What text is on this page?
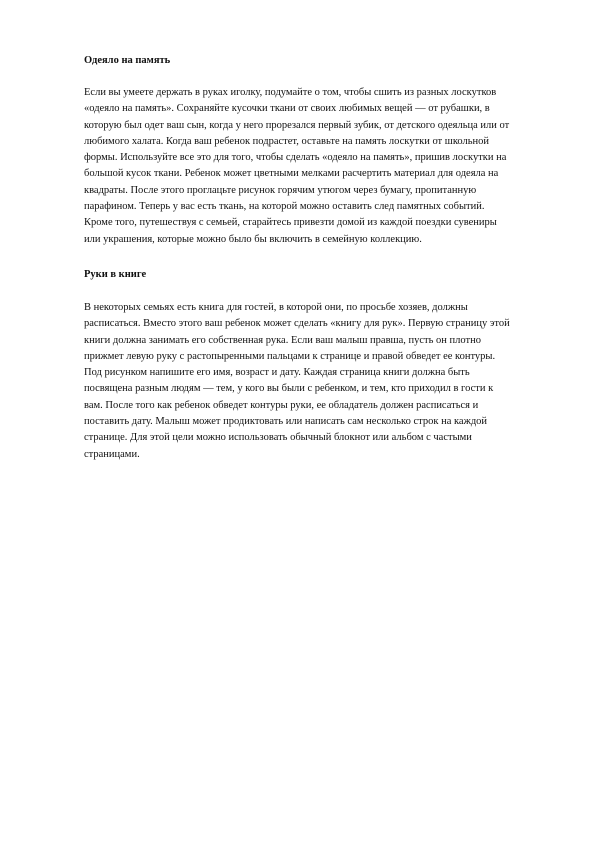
Одеяло на память

Если вы умеете держать в руках иголку, подумайте о том, чтобы сшить из разных лоскутков «одеяло на память». Сохраняйте кусочки ткани от своих любимых вещей — от рубашки, в которую был одет ваш сын, когда у него прорезался первый зубик, от детского одеяльца или от любимого халата. Когда ваш ребенок подрастет, оставьте на память лоскутки от школьной формы. Используйте все это для того, чтобы сделать «одеяло на память», пришив лоскутки на большой кусок ткани. Ребенок может цветными мелками расчертить материал для одеяла на квадраты. После этого проглацьте рисунок горячим утюгом через бумагу, пропитанную парафином. Теперь у вас есть ткань, на которой можно оставить след памятных событий. Кроме того, путешествуя с семьей, старайтесь привезти домой из каждой поездки сувениры или украшения, которые можно было бы включить в семейную коллекцию.

Руки в книге

В некоторых семьях есть книга для гостей, в которой они, по просьбе хозяев, должны расписаться. Вместо этого ваш ребенок может сделать «книгу для рук». Первую страницу этой книги должна занимать его собственная рука. Если ваш малыш правша, пусть он плотно прижмет левую руку с растопыренными пальцами к странице и правой обведет ее контуры. Под рисунком напишите его имя, возраст и дату. Каждая страница книги должна быть посвящена разным людям — тем, у кого вы были с ребенком, и тем, кто приходил в гости к вам. После того как ребенок обведет контуры руки, ее обладатель должен расписаться и поставить дату. Малыш может продиктовать или написать сам несколько строк на каждой странице. Для этой цели можно использовать обычный блокнот или альбом с частыми страницами.
